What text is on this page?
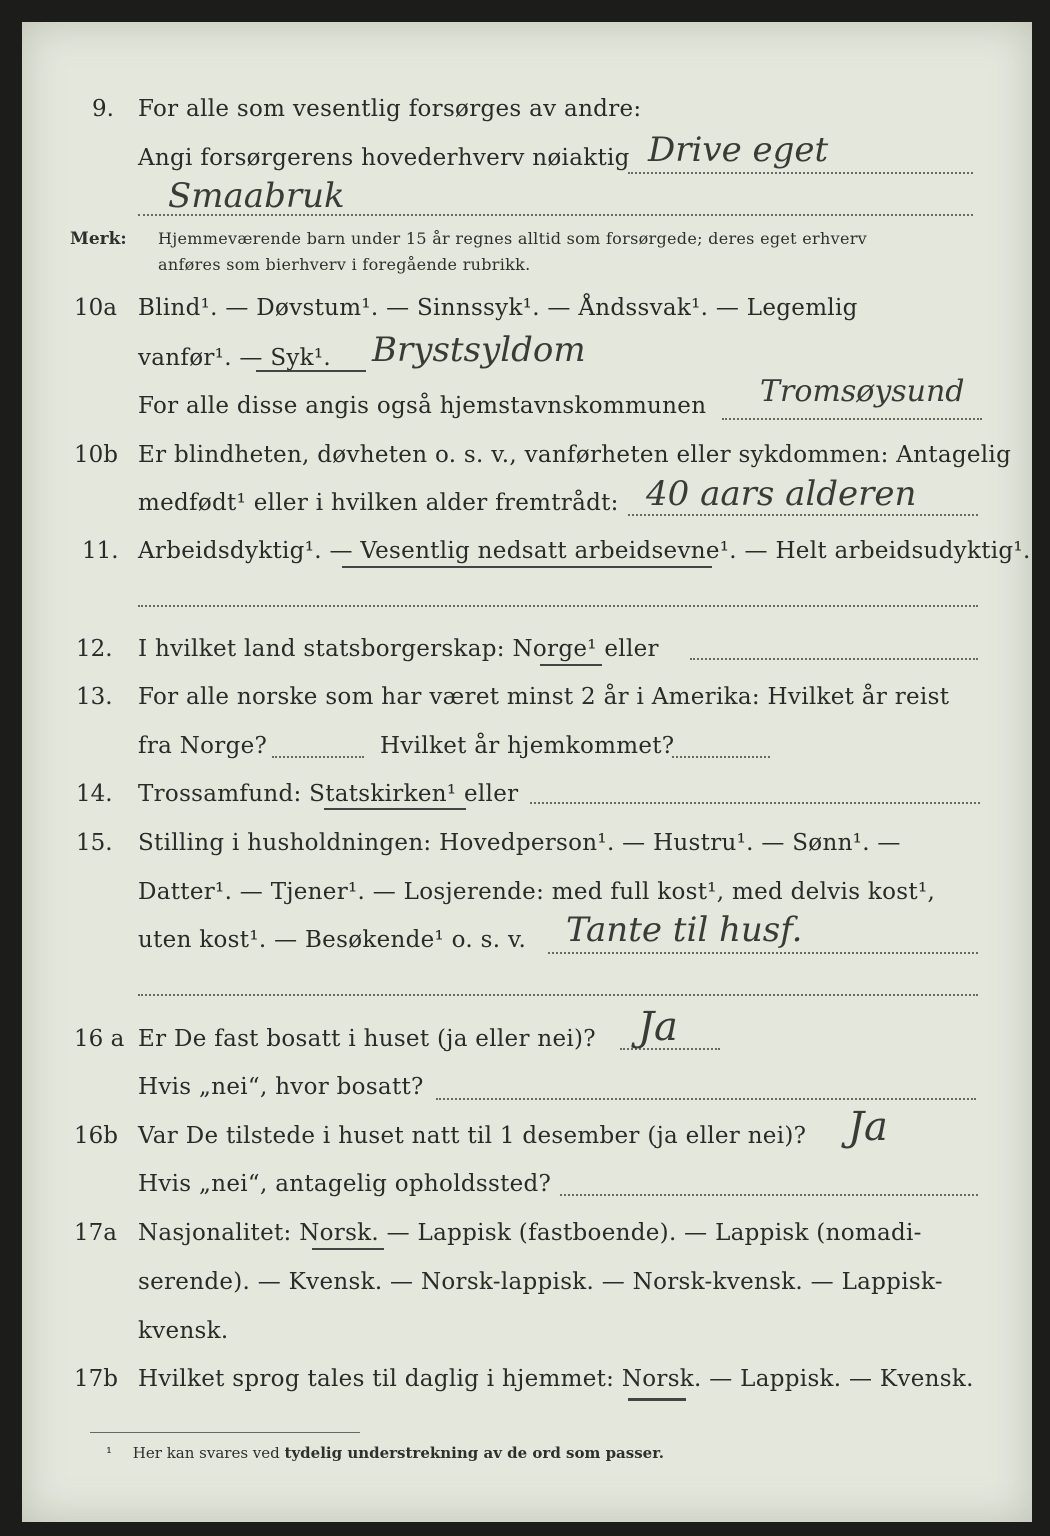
9. For alle som vesentlig forsørges av andre:
Angi forsørgerens hovederhverv nøiaktig Drive eget
Smaabruk
Merk: Hjemmeværende barn under 15 år regnes alltid som forsørgede; deres eget erhverv
anføres som bierhverv i foregående rubrikk.
10a Blind¹. — Døvstum¹. — Sinnssyk¹. — Åndssvak¹. — Legemlig
vanfør¹. — Syk¹. Brystsyldom
For alle disse angis også hjemstavnskommunen Tromsøysund
10b Er blindheten, døvheten o. s. v., vanførheten eller sykdommen: Antagelig
medfødt¹ eller i hvilken alder fremtrådt: 40 aars alderen
11. Arbeidsdyktig¹. — Vesentlig nedsatt arbeidsevne¹. — Helt arbeidsudyktig¹.
12. I hvilket land statsborgerskap: Norge¹ eller
13. For alle norske som har været minst 2 år i Amerika: Hvilket år reist
fra Norge?	Hvilket år hjemkommet?
14. Trossamfund: Statskirken¹ eller
15. Stilling i husholdningen: Hovedperson¹. — Hustru¹. — Sønn¹. —
Datter¹. — Tjener¹. — Losjerende: med full kost¹, med delvis kost¹,
uten kost¹. — Besøkende¹ o. s. v. Tante til husf.
16 a Er De fast bosatt i huset (ja eller nei)? Ja
Hvis „nei“, hvor bosatt?
16b Var De tilstede i huset natt til 1 desember (ja eller nei)? Ja
Hvis „nei“, antagelig opholdssted?
17a Nasjonalitet: Norsk. — Lappisk (fastboende). — Lappisk (nomadi-
serende). — Kvensk. — Norsk-lappisk. — Norsk-kvensk. — Lappisk-
kvensk.
17b Hvilket sprog tales til daglig i hjemmet: Norsk. — Lappisk. — Kvensk.
¹ Her kan svares ved tydelig understrekning av de ord som passer.
